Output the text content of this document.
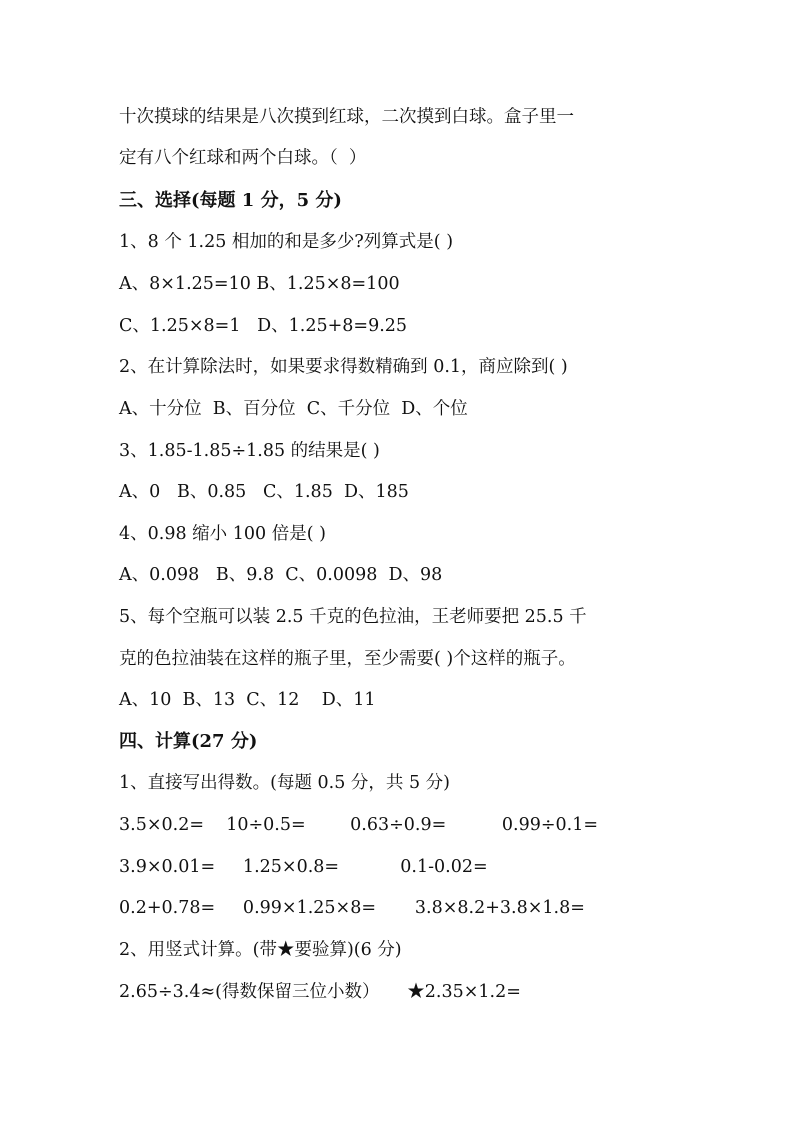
十次摸球的结果是八次摸到红球，二次摸到白球。盒子里一

定有八个红球和两个白球。（  ）

三、选择(每题 1 分，5 分)

1、8 个 1.25 相加的和是多少?列算式是( )

A、8×1.25=10 B、1.25×8=100

C、1.25×8=1   D、1.25+8=9.25

2、在计算除法时，如果要求得数精确到 0.1，商应除到( )

A、十分位  B、百分位  C、千分位  D、个位

3、1.85-1.85÷1.85 的结果是( )

A、0   B、0.85   C、1.85  D、185

4、0.98 缩小 100 倍是( )

A、0.098   B、9.8  C、0.0098  D、98

5、每个空瓶可以装 2.5 千克的色拉油，王老师要把 25.5 千

克的色拉油装在这样的瓶子里，至少需要( )个这样的瓶子。

A、10  B、13  C、12    D、11

四、计算(27 分)

1、直接写出得数。(每题 0.5 分，共 5 分)

3.5×0.2=    10÷0.5=        0.63÷0.9=          0.99÷0.1=

3.9×0.01=     1.25×0.8=           0.1-0.02=

0.2+0.78=     0.99×1.25×8=       3.8×8.2+3.8×1.8=

2、用竖式计算。(带★要验算)(6 分)

2.65÷3.4≈(得数保留三位小数）     ★2.35×1.2=
